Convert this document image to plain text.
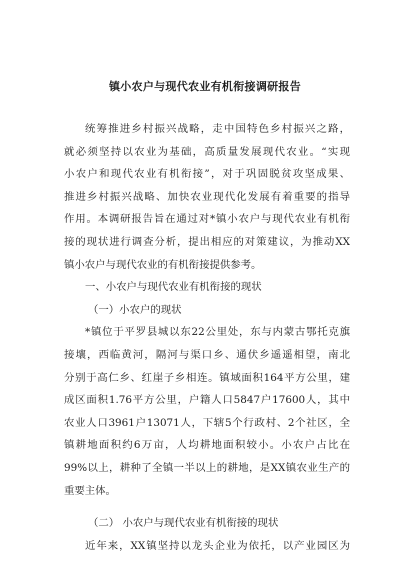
镇小农户与现代农业有机衔接调研报告
统筹推进乡村振兴战略，走中国特色乡村振兴之路，
就必须坚持以农业为基础，高质量发展现代农业。“实现
小农户和现代农业有机衔接”，对于巩固脱贫攻坚成果、
推进乡村振兴战略、加快农业现代化发展有着重要的指导
作用。本调研报告旨在通过对*镇小农户与现代农业有机衔
接的现状进行调查分析，提出相应的对策建议，为推动XX
镇小农户与现代农业的有机衔接提供参考。
一、小农户与现代农业有机衔接的现状
（一）小农户的现状
*镇位于平罗县城以东22公里处，东与内蒙古鄂托克旗
接壤，西临黄河，隔河与渠口乡、通伏乡遥遥相望，南北
分别于高仁乡、红崖子乡相连。镇域面积164平方公里，建
成区面积1.76平方公里，户籍人口5847户17600人，其中
农业人口3961户13071人，下辖5个行政村、2个社区，全
镇耕地面积约6万亩，人均耕地面积较小。小农户占比在
99%以上，耕种了全镇一半以上的耕地，是XX镇农业生产的
重要主体。
（二） 小农户与现代农业有机衔接的现状
近年来，XX镇坚持以龙头企业为依托，以产业园区为
